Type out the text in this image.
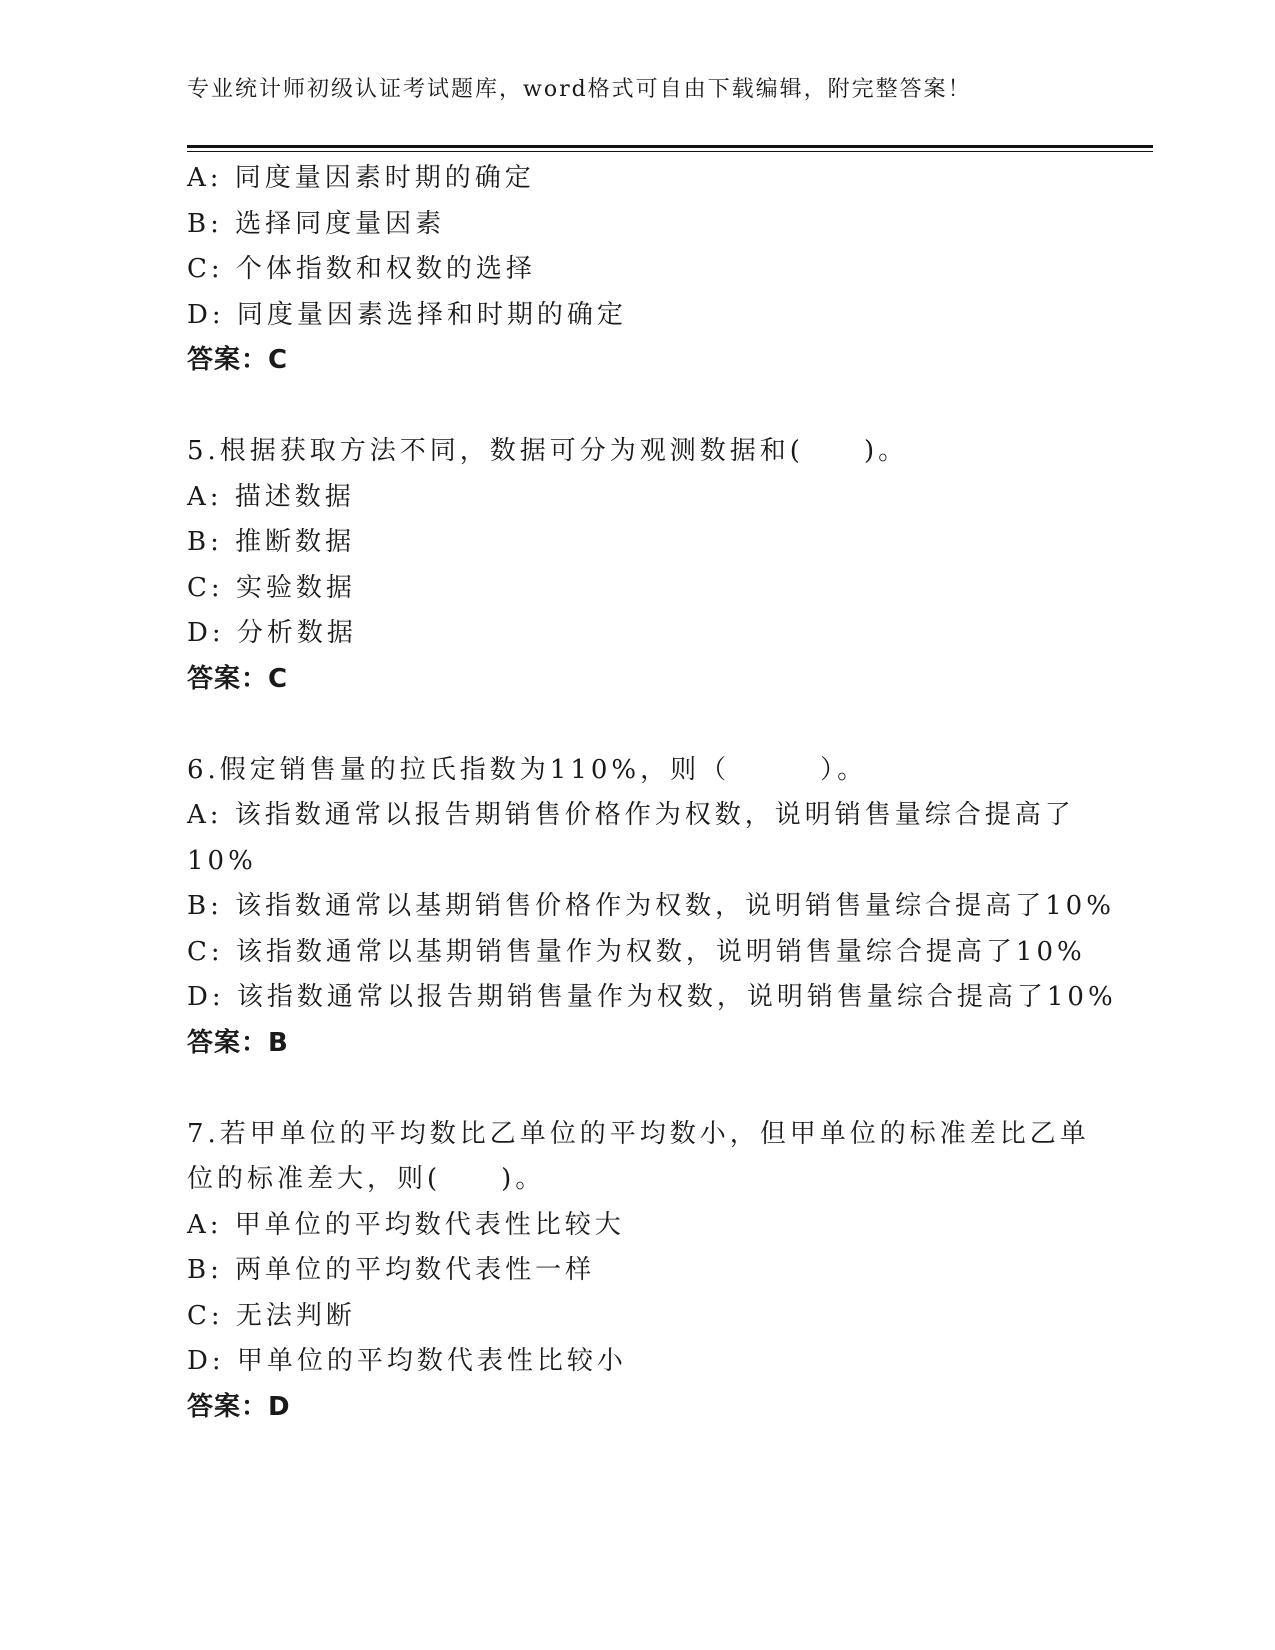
专业统计师初级认证考试题库，word格式可自由下载编辑，附完整答案！
A: 同度量因素时期的确定
B: 选择同度量因素
C: 个体指数和权数的选择
D: 同度量因素选择和时期的确定
答案：C
5.根据获取方法不同，数据可分为观测数据和(　　)。
A: 描述数据
B: 推断数据
C: 实验数据
D: 分析数据
答案：C
6.假定销售量的拉氏指数为110%，则（　　　）。
A: 该指数通常以报告期销售价格作为权数，说明销售量综合提高了
10%
B: 该指数通常以基期销售价格作为权数，说明销售量综合提高了10%
C: 该指数通常以基期销售量作为权数，说明销售量综合提高了10%
D: 该指数通常以报告期销售量作为权数，说明销售量综合提高了10%
答案：B
7.若甲单位的平均数比乙单位的平均数小，但甲单位的标准差比乙单
位的标准差大，则(　　)。
A: 甲单位的平均数代表性比较大
B: 两单位的平均数代表性一样
C: 无法判断
D: 甲单位的平均数代表性比较小
答案：D
